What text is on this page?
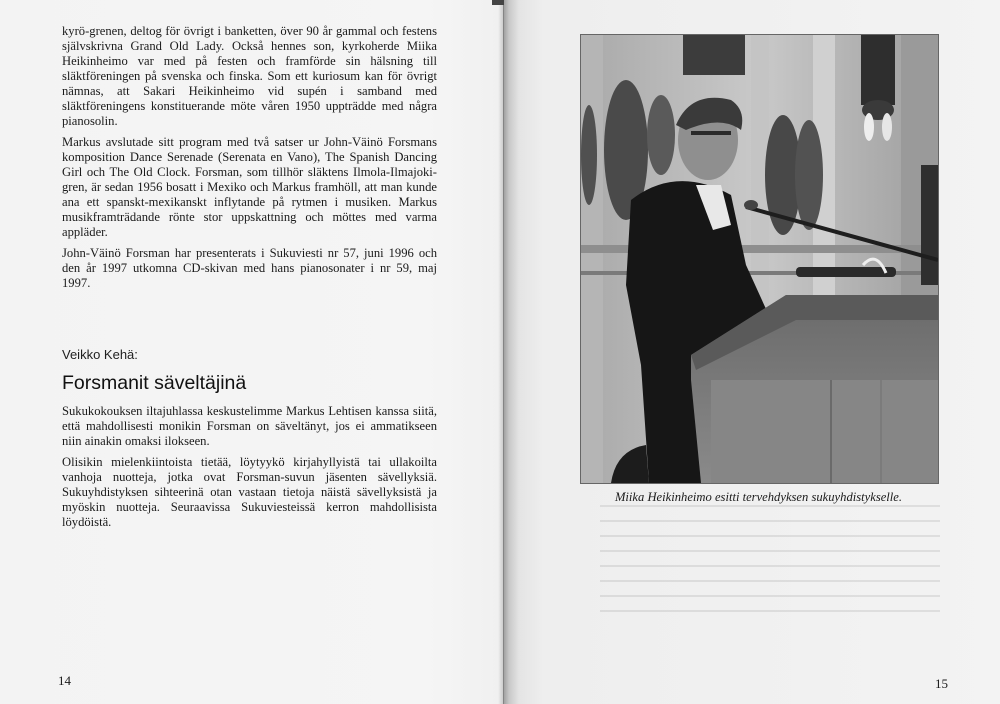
kyrö-grenen, deltog för övrigt i banketten, över 90 år gammal och festens självskrivna Grand Old Lady. Också hennes son, kyrkoherde Miika Heikinheimo var med på festen och framförde sin hälsning till släktföreningen på svenska och finska. Som ett kuriosum kan för övrigt nämnas, att Sakari Heikinheimo vid supén i samband med släktföreningens konstituerande möte våren 1950 uppträdde med några pianosolin.

Markus avslutade sitt program med två satser ur John-Väinö Forsmans komposition Dance Serenade (Serenata en Vano), The Spanish Dancing Girl och The Old Clock. Forsman, som tillhör släktens Ilmola-Ilmajoki-gren, är sedan 1956 bosatt i Mexiko och Markus framhöll, att man kunde ana ett spanskt-mexikanskt inflytande på rytmen i musiken. Markus musikframträdande rönte stor uppskattning och möttes med varma appläder.

John-Väinö Forsman har presenterats i Sukuviesti nr 57, juni 1996 och den år 1997 utkomna CD-skivan med hans pianosonater i nr 59, maj 1997.

Veikko Kehä:
Forsmanit säveltäjinä

Sukukokouksen iltajuhlassa keskustelimme Markus Lehtisen kanssa siitä, että mahdollisesti monikin Forsman on säveltänyt, jos ei ammatikseen niin ainakin omaksi ilokseen.

Olisikin mielenkiintoista tietää, löytyykö kirjahyllyistä tai ullakoilta vanhoja nuotteja, jotka ovat Forsman-suvun jäsenten sävellyksiä. Sukuyhdistyksen sihteerinä otan vastaan tietoja näistä sävellyksistä ja myöskin nuotteja. Seuraavissa Sukuviesteissä kerron mahdollisista löydöistä.

14
Miika Heikinheimo esitti tervehdyksen sukuyhdistykselle.
15
